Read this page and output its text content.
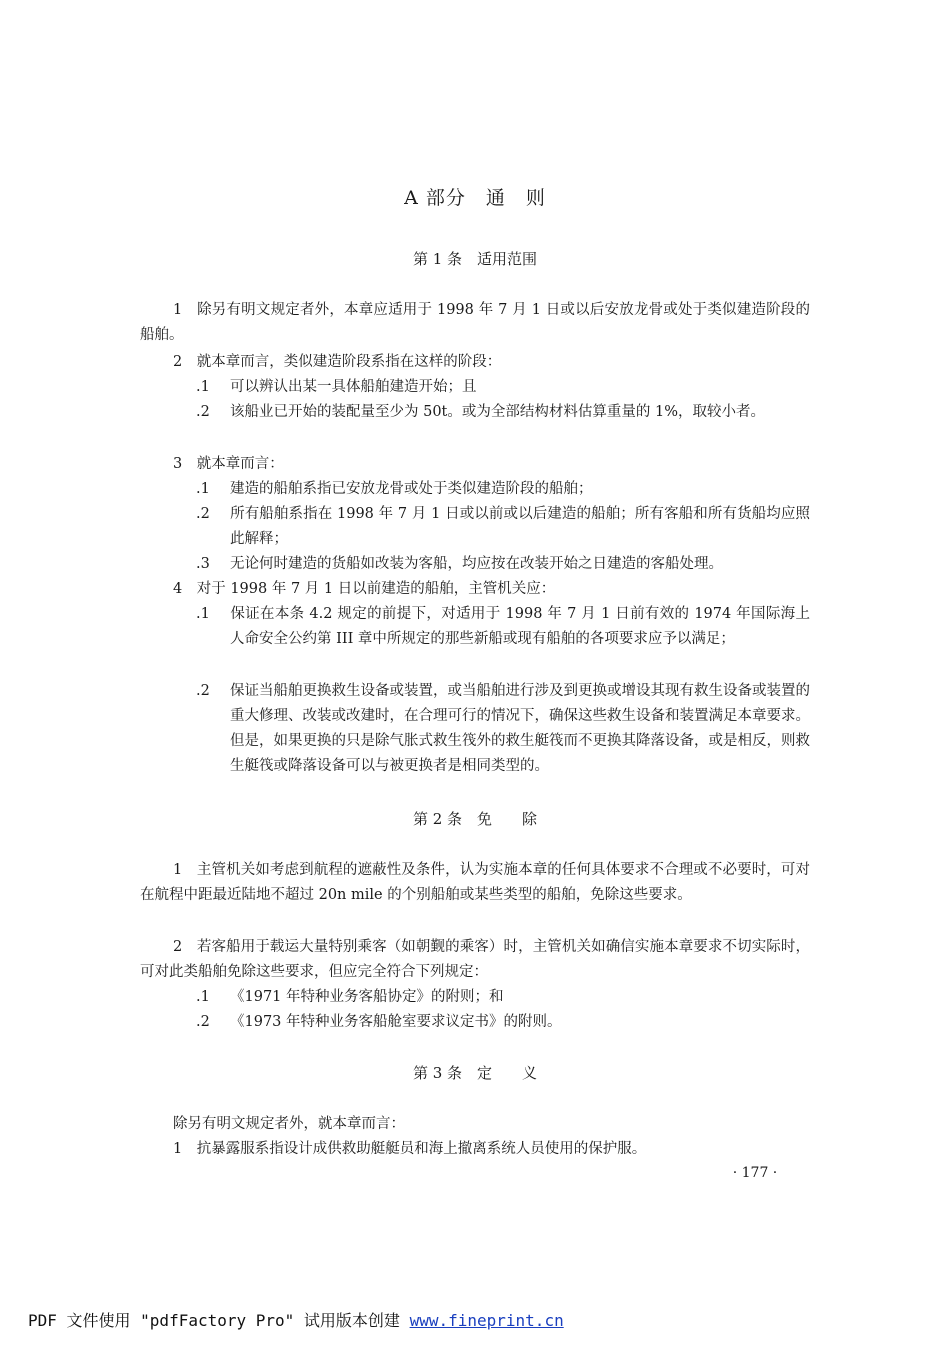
A 部分　通　则
第 1 条　适用范围
1　除另有明文规定者外，本章应适用于 1998 年 7 月 1 日或以后安放龙骨或处于类似建造阶段的船舶。
2　就本章而言，类似建造阶段系指在这样的阶段：
.1 可以辨认出某一具体船舶建造开始；且
.2 该船业已开始的装配量至少为 50t。或为全部结构材料估算重量的 1%，取较小者。
3　就本章而言：
.1 建造的船舶系指已安放龙骨或处于类似建造阶段的船舶；
.2 所有船舶系指在 1998 年 7 月 1 日或以前或以后建造的船舶；所有客船和所有货船均应照此解释；
.3 无论何时建造的货船如改装为客船，均应按在改装开始之日建造的客船处理。
4　对于 1998 年 7 月 1 日以前建造的船舶，主管机关应：
.1 保证在本条 4.2 规定的前提下，对适用于 1998 年 7 月 1 日前有效的 1974 年国际海上人命安全公约第 III 章中所规定的那些新船或现有船舶的各项要求应予以满足；
.2 保证当船舶更换救生设备或装置，或当船舶进行涉及到更换或增设其现有救生设备或装置的重大修理、改装或改建时，在合理可行的情况下，确保这些救生设备和装置满足本章要求。但是，如果更换的只是除气胀式救生筏外的救生艇筏而不更换其降落设备，或是相反，则救生艇筏或降落设备可以与被更换者是相同类型的。
第 2 条　免　　除
1　主管机关如考虑到航程的遮蔽性及条件，认为实施本章的任何具体要求不合理或不必要时，可对在航程中距最近陆地不超过 20n mile 的个别船舶或某些类型的船舶，免除这些要求。
2　若客船用于载运大量特别乘客（如朝觐的乘客）时，主管机关如确信实施本章要求不切实际时，可对此类船舶免除这些要求，但应完全符合下列规定：
.1 《1971 年特种业务客船协定》的附则；和
.2 《1973 年特种业务客船舱室要求议定书》的附则。
第 3 条　定　　义
除另有明文规定者外，就本章而言：
1　抗暴露服系指设计成供救助艇艇员和海上撤离系统人员使用的保护服。
· 177 ·
PDF 文件使用 "pdfFactory Pro" 试用版本创建 www.fineprint.cn
